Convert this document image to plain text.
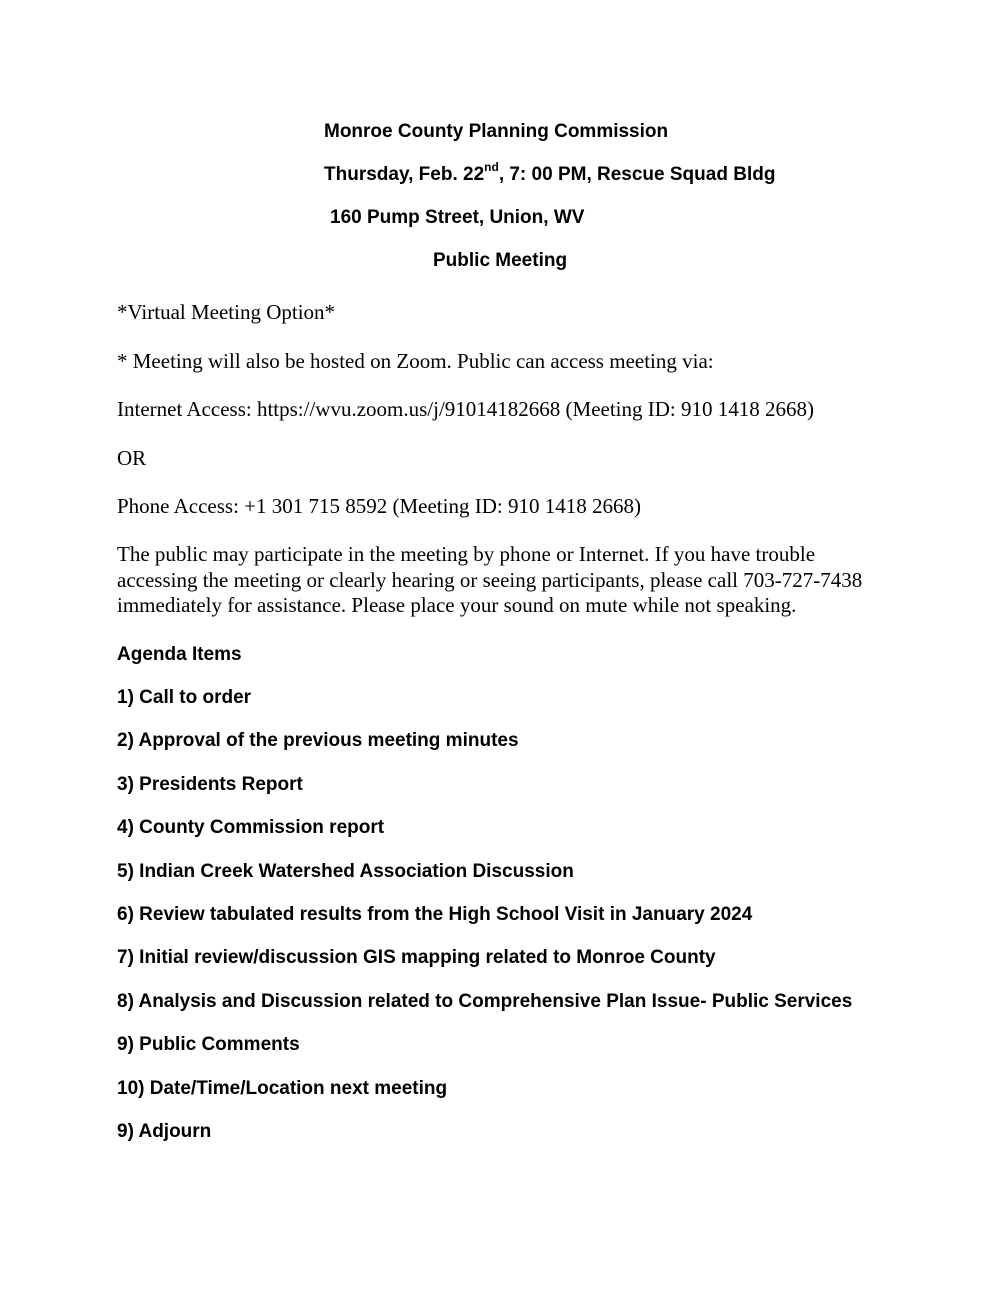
Monroe County Planning Commission
Thursday, Feb. 22nd, 7: 00 PM, Rescue Squad Bldg
160 Pump Street, Union, WV
Public Meeting
*Virtual Meeting Option*
* Meeting will also be hosted on Zoom. Public can access meeting via:
Internet Access: https://wvu.zoom.us/j/91014182668 (Meeting ID: 910 1418 2668)
OR
Phone Access: +1 301 715 8592 (Meeting ID: 910 1418 2668)
The public may participate in the meeting by phone or Internet. If you have trouble accessing the meeting or clearly hearing or seeing participants, please call 703-727-7438 immediately for assistance. Please place your sound on mute while not speaking.
Agenda Items
1) Call to order
2) Approval of the previous meeting minutes
3) Presidents Report
4) County Commission report
5) Indian Creek Watershed Association Discussion
6) Review tabulated results from the High School Visit in January 2024
7) Initial review/discussion GIS mapping related to Monroe County
8) Analysis and Discussion related to Comprehensive Plan Issue- Public Services
9) Public Comments
10) Date/Time/Location next meeting
9) Adjourn
